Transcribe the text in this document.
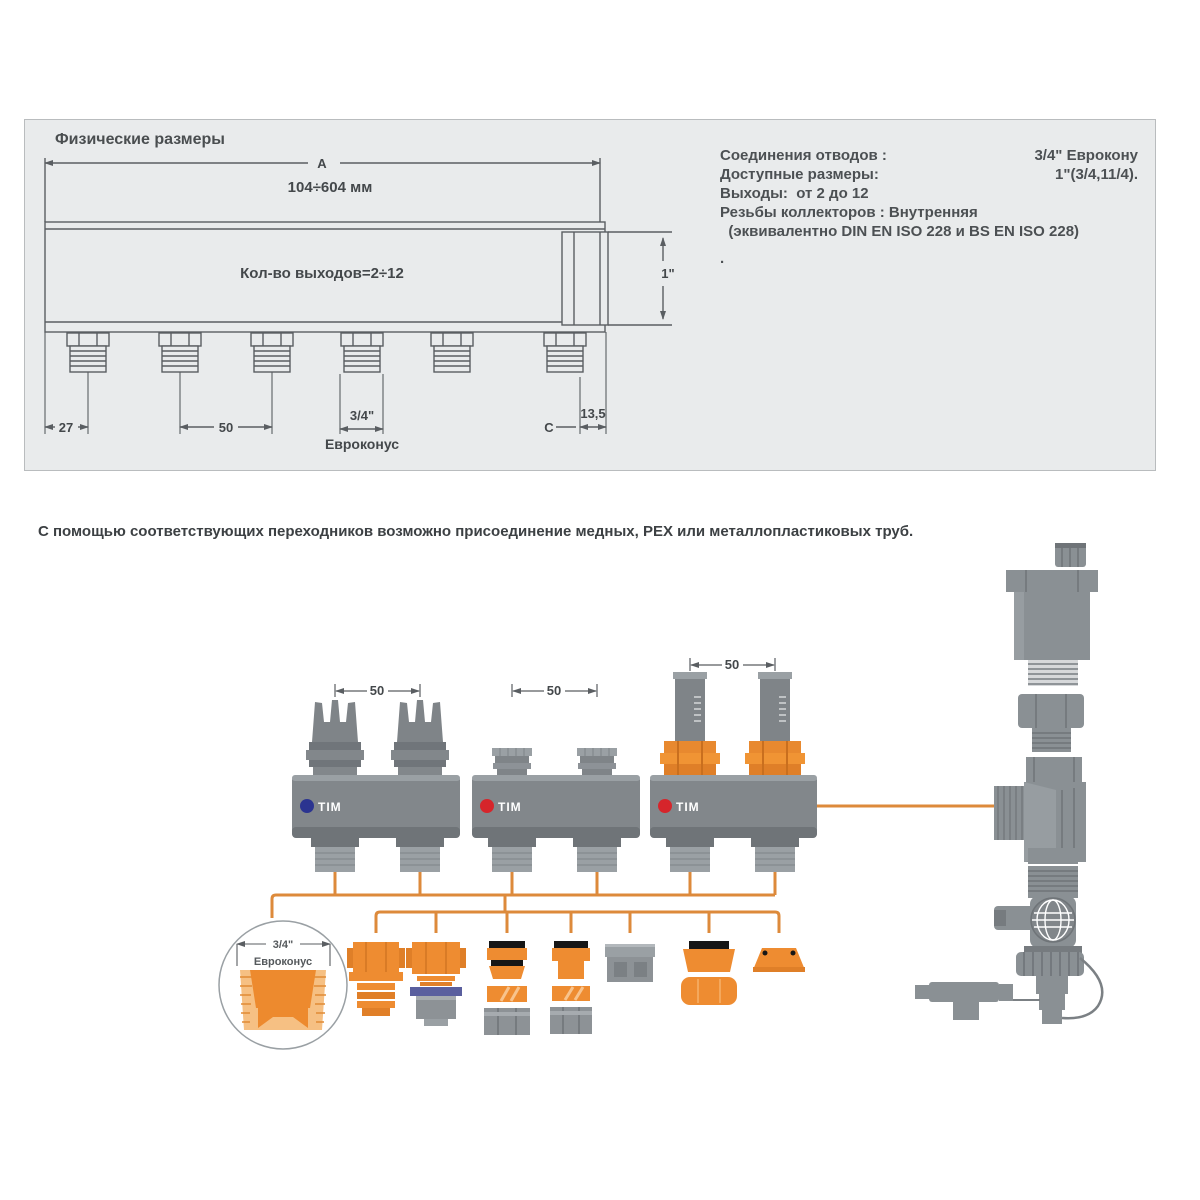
Физические размеры
Соединения отводов :	3/4" Еврокону
Доступные размеры:	1"(3/4,11/4).
Выходы:  от 2 до 12
Резьбы коллекторов : Внутренняя
(эквивалентно DIN EN ISO 228 и BS EN ISO 228)
.
A
104÷604 мм
Кол-во выходов=2÷12	1"
27	50
3/4"
Евроконус
C
13,5
С помощью соответствующих переходников возможно присоединение медных, PEX или металлопластиковых труб.
50
TIM
50
TIM
50
TIM
3/4"
Евроконус
